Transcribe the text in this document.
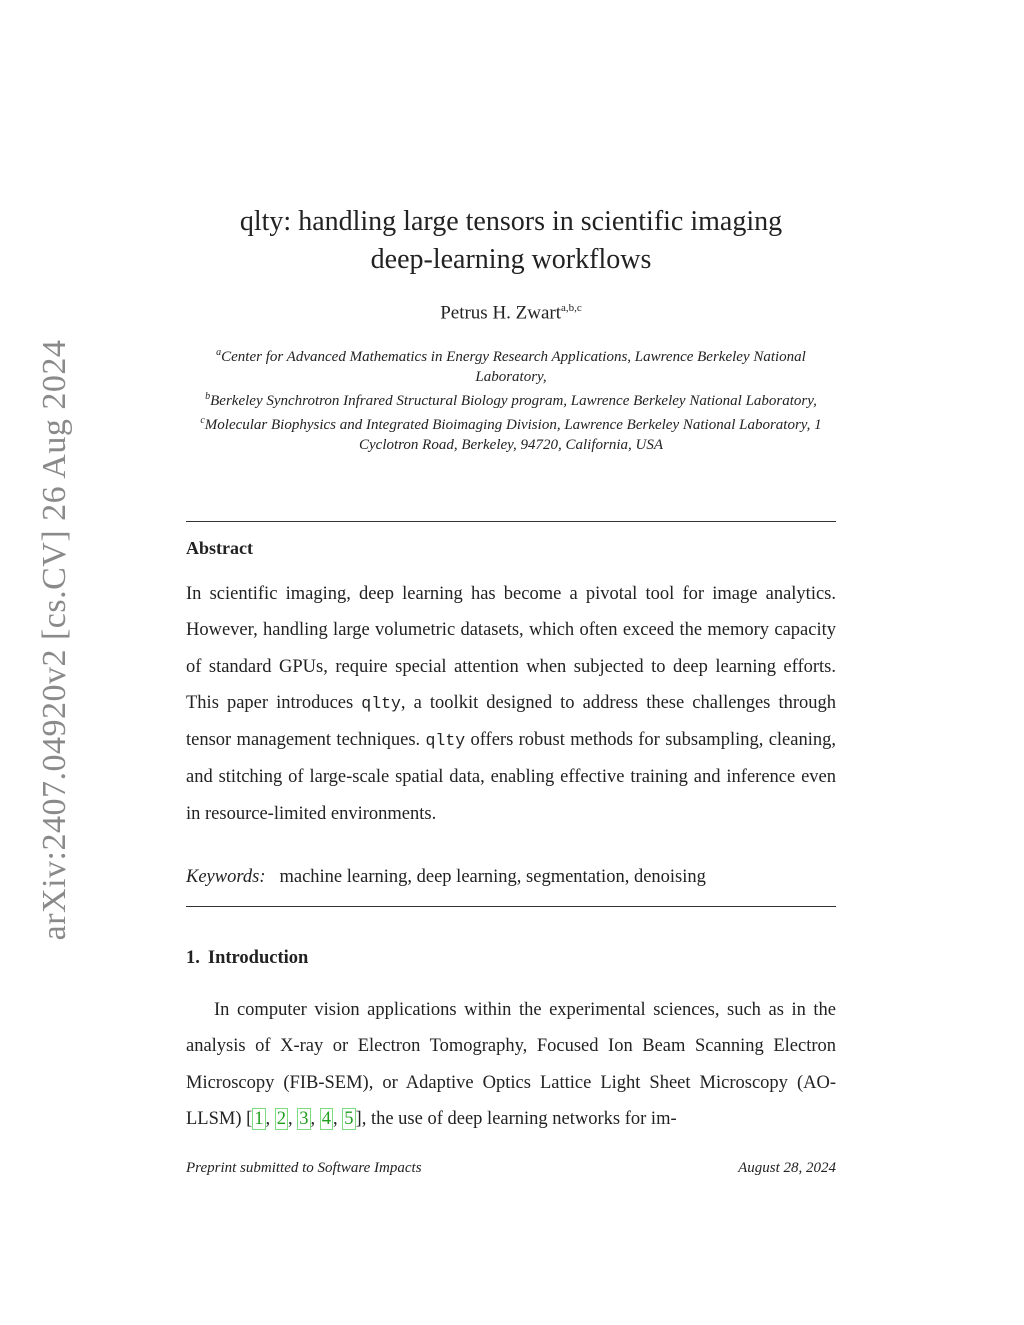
arXiv:2407.04920v2 [cs.CV] 26 Aug 2024
qlty: handling large tensors in scientific imaging
deep-learning workflows
Petrus H. Zwart$^{a,b,c}$
$^a$Center for Advanced Mathematics in Energy Research Applications, Lawrence Berkeley National Laboratory,
$^b$Berkeley Synchrotron Infrared Structural Biology program, Lawrence Berkeley National Laboratory,
$^c$Molecular Biophysics and Integrated Bioimaging Division, Lawrence Berkeley National Laboratory, 1 Cyclotron Road, Berkeley, 94720, California, USA
Abstract
In scientific imaging, deep learning has become a pivotal tool for image analytics. However, handling large volumetric datasets, which often exceed the memory capacity of standard GPUs, require special attention when subjected to deep learning efforts. This paper introduces qlty, a toolkit designed to address these challenges through tensor management techniques. qlty offers robust methods for subsampling, cleaning, and stitching of large-scale spatial data, enabling effective training and inference even in resource-limited environments.
Keywords: machine learning, deep learning, segmentation, denoising
1. Introduction
In computer vision applications within the experimental sciences, such as in the analysis of X-ray or Electron Tomography, Focused Ion Beam Scanning Electron Microscopy (FIB-SEM), or Adaptive Optics Lattice Light Sheet Microscopy (AO-LLSM) [ 1 , 2 , 3 , 4 , 5 ], the use of deep learning networks for im-
Preprint submitted to Software Impacts	August 28, 2024
